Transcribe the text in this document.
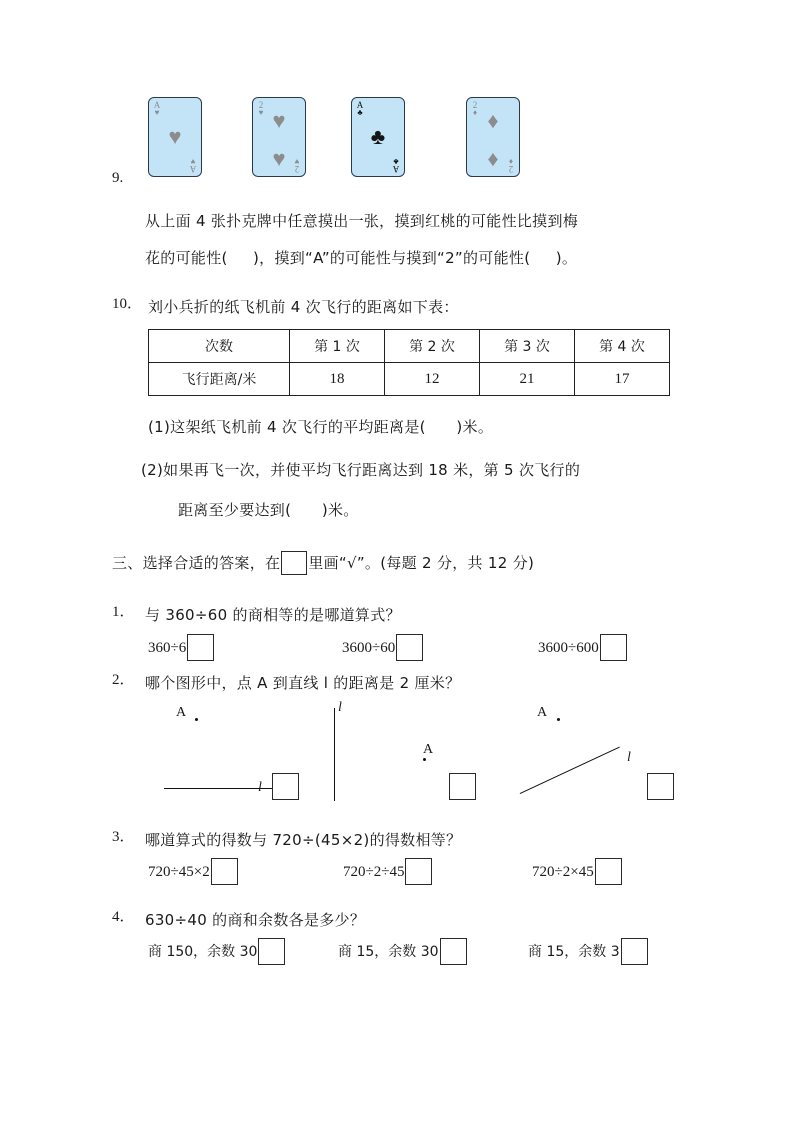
A
♥
♥
A
♥
2
♥ ♥
♥	2
♥
A
♣
♣
A
♣
2
♦ ♦
♦	2
♦
9.
从上面 4 张扑克牌中任意摸出一张，摸到红桃的可能性比摸到梅
花的可能性( )，摸到“A”的可能性与摸到“2”的可能性( )。
10． 刘小兵折的纸飞机前 4 次飞行的距离如下表：
次数	第 1 次	第 2 次	第 3 次	第 4 次
飞行距离/米	18	12	21	17
(1)这架纸飞机前 4 次飞行的平均距离是(　　)米。
(2)如果再飞一次，并使平均飞行距离达到 18 米，第 5 次飞行的
距离至少要达到(　　)米。
三、选择合适的答案，在 里画“√”。(每题 2 分，共 12 分)
1． 与 360÷60 的商相等的是哪道算式？
360÷6	3600÷60	3600÷600
2． 哪个图形中，点 A 到直线 l 的距离是 2 厘米？
A
l
l
A
A
l
3． 哪道算式的得数与 720÷(45×2)的得数相等？
720÷45×2	720÷2÷45	720÷2×45
4． 630÷40 的商和余数各是多少？
商 150，余数 30	商 15，余数 30	商 15，余数 3
